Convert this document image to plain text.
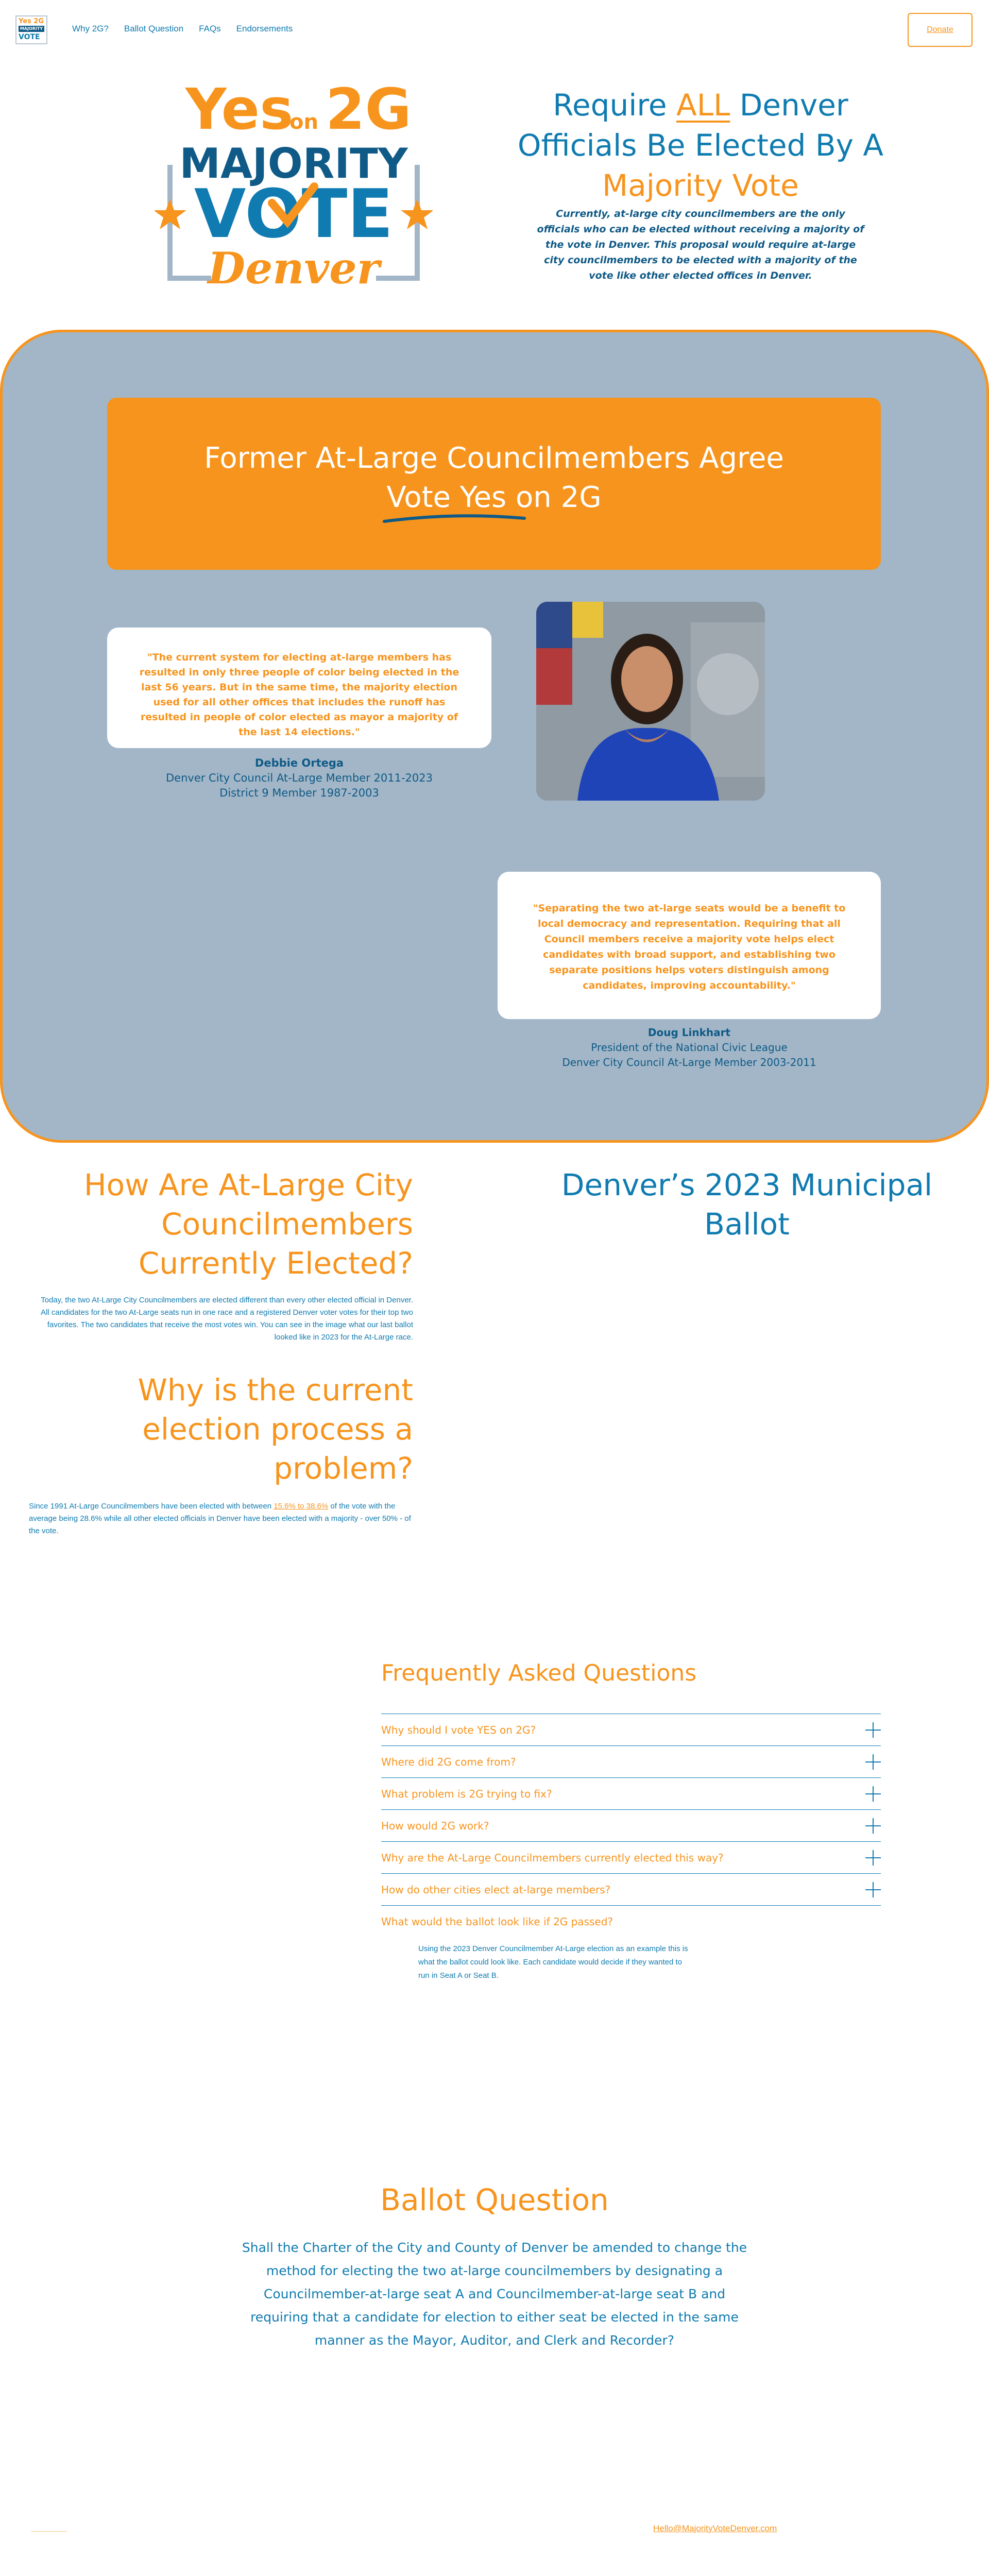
Yes 2G
MAJORITY
VOTE
Why 2G? Ballot Question FAQs Endorsements	Donate
Yes
on 2G
MAJORITY
VOTE
Denver
Require ALL Denver Officials Be Elected By A
Majority Vote

Currently, at-large city councilmembers are the only officials who can be elected without receiving a majority of the vote in Denver. This proposal would require at-large city councilmembers to be elected with a majority of the vote like other elected offices in Denver.

Former At-Large Councilmembers Agree
Vote Yes
on 2G
"The current system for electing at-large members has resulted in only three people of color being elected in the last 56 years. But in the same time, the majority election used for all other offices that includes the runoff has resulted in people of color elected as mayor a majority of the last 14 elections."
Debbie Ortega
Denver City Council At-Large Member 2011-2023
District 9 Member 1987-2003
"Separating the two at-large seats would be a benefit to local democracy and representation. Requiring that all Council members receive a majority vote helps elect candidates with broad support, and establishing two separate positions helps voters distinguish among candidates, improving accountability."
Doug Linkhart
President of the National Civic League
Denver City Council At-Large Member 2003-2011
How Are At-Large City Councilmembers Currently Elected?

Today, the two At-Large City Councilmembers are elected different than every other elected official in Denver. All candidates for the two At-Large seats run in one race and a registered Denver voter votes for their top two favorites. The two candidates that receive the most votes win. You can see in the image what our last ballot looked like in 2023 for the At-Large race.

Why is the current election process a problem?

Since 1991 At-Large Councilmembers have been elected with between 15.6% to 38.6% of the vote with the average being 28.6% while all other elected officials in Denver have been elected with a majority - over 50% - of the vote.

Denver’s 2023 Municipal Ballot
Frequently Asked Questions
Why should I vote YES on 2G?
Where did 2G come from?
What problem is 2G trying to fix?
How would 2G work?
Why are the At-Large Councilmembers currently elected this way?
How do other cities elect at-large members?
What would the ballot look like if 2G passed?

Using the 2023 Denver Councilmember At-Large election as an example this is what the ballot could look like. Each candidate would decide if they wanted to run in Seat A or Seat B.

Ballot Question

Shall the Charter of the City and County of Denver be amended to change the method for electing the two at-large councilmembers by designating a Councilmember-at-large seat A and Councilmember-at-large seat B and requiring that a candidate for election to either seat be elected in the same manner as the Mayor, Auditor, and Clerk and Recorder?

Hello@MajorityVoteDenver.com
